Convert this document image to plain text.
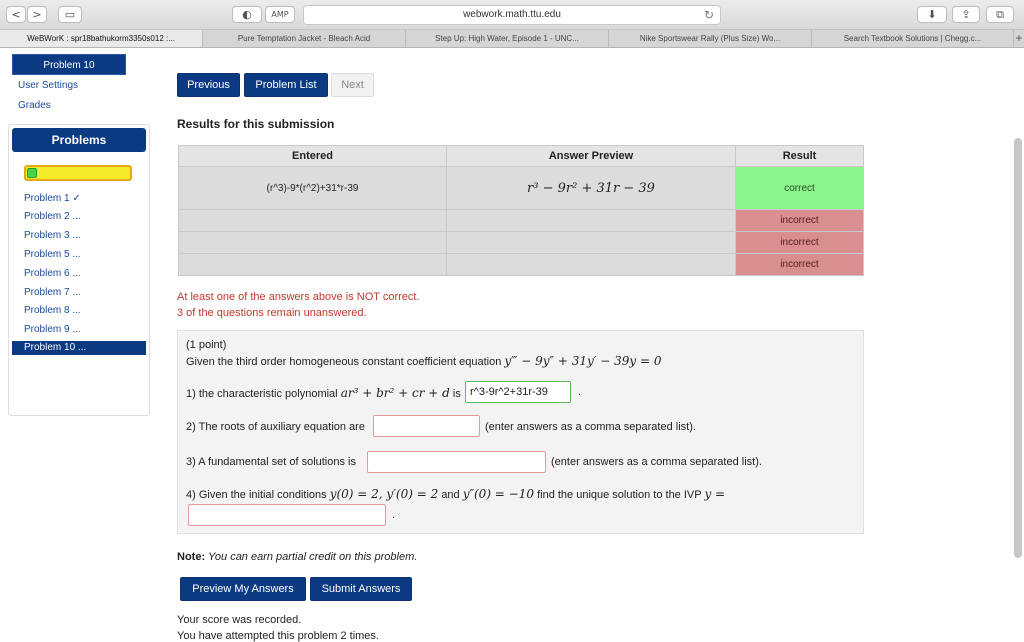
<	>	▭	◐	AMP	webwork.math.ttu.edu	↻	⬇	⇪	⧉
WeBWorK : spr18bathukorm3350s012 :...	Pure Temptation Jacket - Bleach Acid	Step Up: High Water, Episode 1 - UNC...	Nike Sportswear Rally (Plus Size) Wo...	Search Textbook Solutions | Chegg.c...	+
Problem 10
User Settings
Grades
Problems
Problem 1 ✓
Problem 2 ...
Problem 3 ...
Problem 5 ...
Problem 6 ...
Problem 7 ...
Problem 8 ...
Problem 9 ...
Problem 10 ...
Previous	Problem List	Next
Results for this submission
Entered	Answer Preview	Result
(r^3)-9*(r^2)+31*r-39	r³ − 9r² + 31r − 39	correct
		incorrect
		incorrect
		incorrect
At least one of the answers above is NOT correct.
3 of the questions remain unanswered.
(1 point)
Given the third order homogeneous constant coefficient equation y‴ − 9y″ + 31y′ − 39y = 0
1) the characteristic polynomial ar³ + br² + cr + d is r^3-9r^2+31r-39	.
2) The roots of auxiliary equation are	(enter answers as a comma separated list).
3) A fundamental set of solutions is	(enter answers as a comma separated list).
4) Given the initial conditions y(0) = 2, y′(0) = 2 and y″(0) = −10 find the unique solution to the IVP y =
.
Note: You can earn partial credit on this problem.
Preview My Answers	Submit Answers
Your score was recorded.
You have attempted this problem 2 times.
